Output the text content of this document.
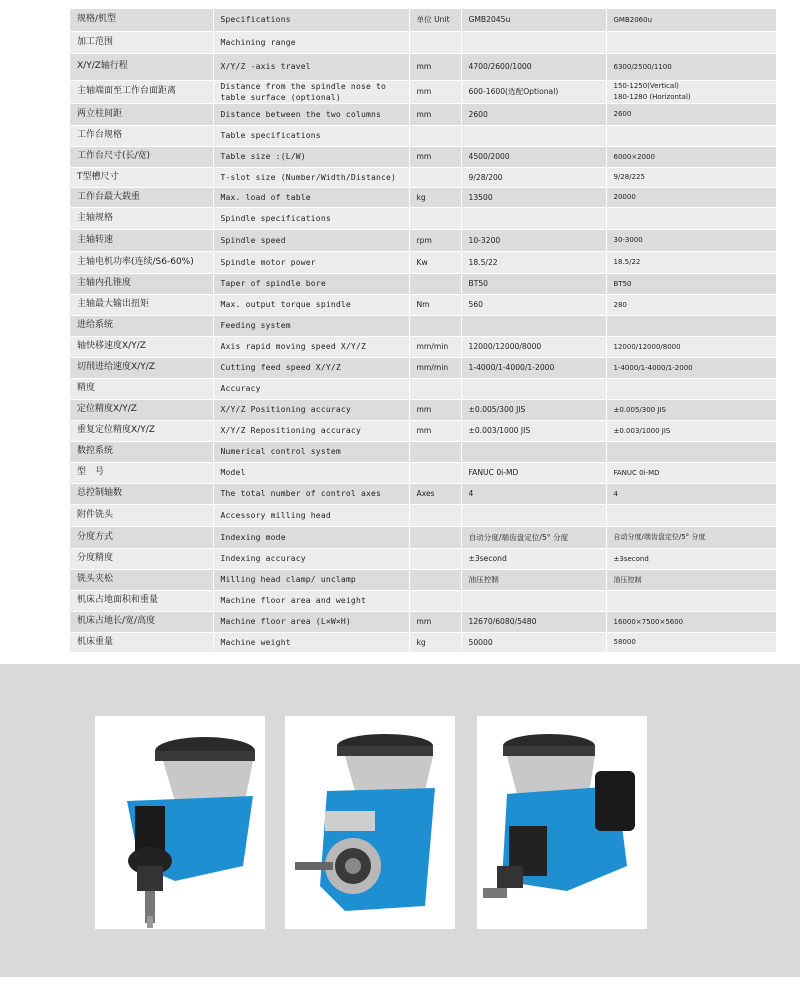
规格/机型	Specifications	单位 Unit	GMB2045u	GMB2060u
加工范围	Machining range			
X/Y/Z轴行程	X/Y/Z -axis travel	mm	4700/2600/1000	6300/2500/1100
主轴端面至工作台面距离	Distance from the spindle nose to table surface (optional)	mm	600-1600(选配Optional)	150-1250(Vertical)
180-1280 (Horizontal)
两立柱间距	Distance between the two columns	mm	2600	2600
工作台规格	Table specifications			
工作台尺寸(长/宽)	Table size :(L/W)	mm	4500/2000	6000×2000
T型槽尺寸	T-slot size (Number/Width/Distance)		9/28/200	9/28/225
工作台最大载重	Max. load of table	kg	13500	20000
主轴规格	Spindle specifications			
主轴转速	Spindle speed	rpm	10-3200	30-3000
主轴电机功率(连续/S6-60%)	Spindle motor power	Kw	18.5/22	18.5/22
主轴内孔锥度	Taper of spindle bore		BT50	BT50
主轴最大输出扭矩	Max. output torque spindle	Nm	560	280
进给系统	Feeding system			
轴快移速度X/Y/Z	Axis rapid moving speed X/Y/Z	mm/min	12000/12000/8000	12000/12000/8000
切削进给速度X/Y/Z	Cutting feed speed X/Y/Z	mm/min	1-4000/1-4000/1-2000	1-4000/1-4000/1-2000
精度	Accuracy			
定位精度X/Y/Z	X/Y/Z Positioning accuracy	mm	±0.005/300 JIS	±0.005/300 JIS
重复定位精度X/Y/Z	X/Y/Z Repositioning accuracy	mm	±0.003/1000 JIS	±0.003/1000 JIS
数控系统	Numerical control system			
型　号	Model		FANUC 0i-MD	FANUC 0i-MD
总控制轴数	The total number of control axes	Axes	4	4
附件铣头	Accessory milling head			
分度方式	Indexing mode		自动分度/端齿盘定位/5° 分度	自动分度/端齿盘定位/5° 分度
分度精度	Indexing accuracy		±3second	±3second
铣头夹松	Milling head clamp/ unclamp		油压控制	油压控制
机床占地面积和重量	Machine floor area and weight			
机床占地长/宽/高度	Machine floor area (L×W×H)	mm	12670/6080/5480	16000×7500×5600
机床重量	Machine weight	kg	50000	58000
